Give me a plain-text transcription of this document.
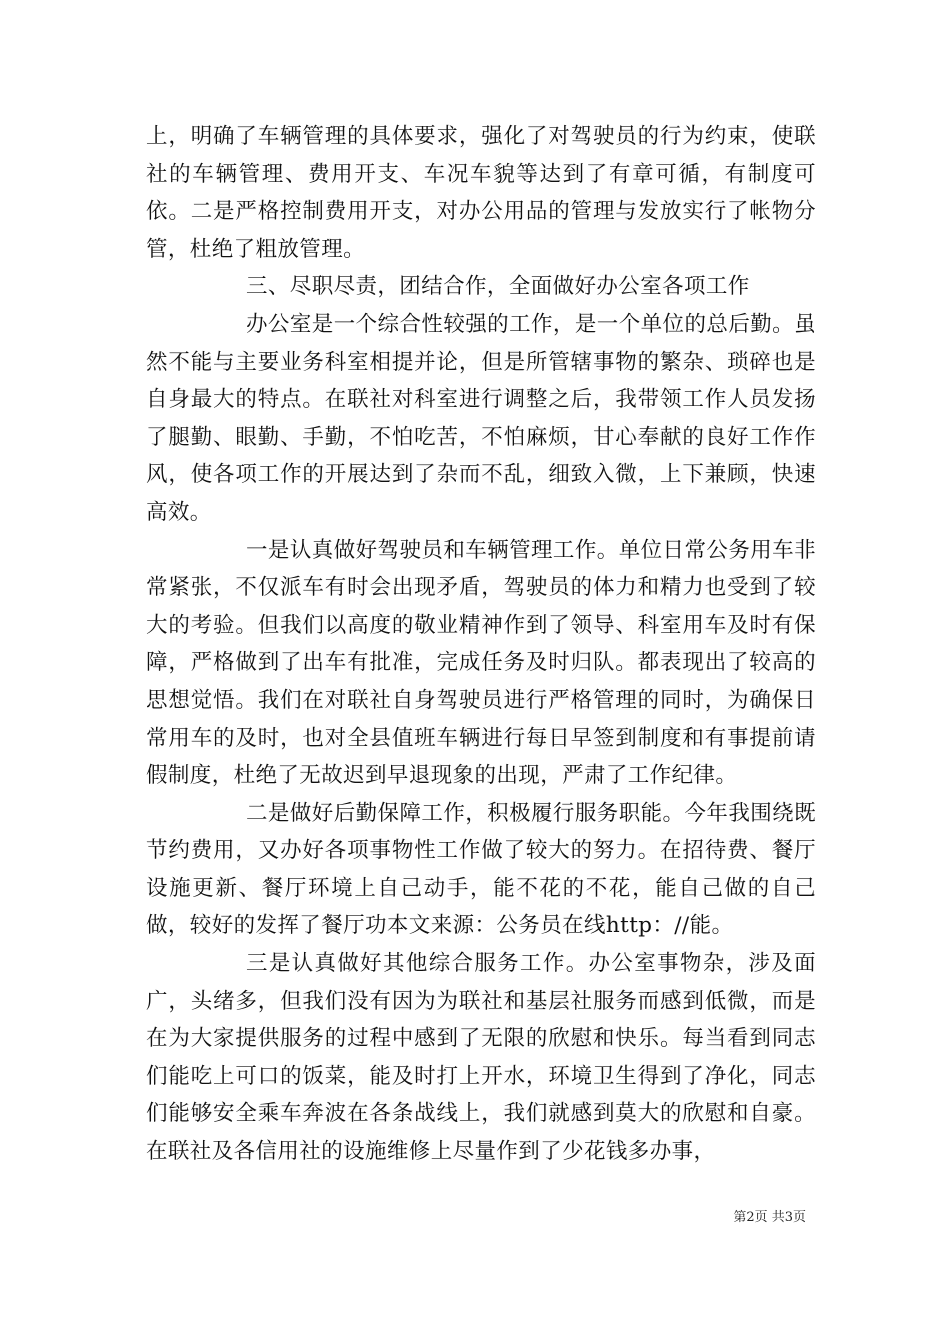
上，明确了车辆管理的具体要求，强化了对驾驶员的行为约束，使联社的车辆管理、费用开支、车况车貌等达到了有章可循，有制度可依。二是严格控制费用开支，对办公用品的管理与发放实行了帐物分管，杜绝了粗放管理。

三、尽职尽责，团结合作，全面做好办公室各项工作

办公室是一个综合性较强的工作，是一个单位的总后勤。虽然不能与主要业务科室相提并论，但是所管辖事物的繁杂、琐碎也是自身最大的特点。在联社对科室进行调整之后，我带领工作人员发扬了腿勤、眼勤、手勤，不怕吃苦，不怕麻烦，甘心奉献的良好工作作风，使各项工作的开展达到了杂而不乱，细致入微，上下兼顾，快速高效。

一是认真做好驾驶员和车辆管理工作。单位日常公务用车非常紧张，不仅派车有时会出现矛盾，驾驶员的体力和精力也受到了较大的考验。但我们以高度的敬业精神作到了领导、科室用车及时有保障，严格做到了出车有批准，完成任务及时归队。都表现出了较高的思想觉悟。我们在对联社自身驾驶员进行严格管理的同时，为确保日常用车的及时，也对全县值班车辆进行每日早签到制度和有事提前请假制度，杜绝了无故迟到早退现象的出现，严肃了工作纪律。

二是做好后勤保障工作，积极履行服务职能。今年我围绕既节约费用，又办好各项事物性工作做了较大的努力。在招待费、餐厅设施更新、餐厅环境上自己动手，能不花的不花，能自己做的自己做，较好的发挥了餐厅功本文来源：公务员在线http：//能。

三是认真做好其他综合服务工作。办公室事物杂，涉及面广，头绪多，但我们没有因为为联社和基层社服务而感到低微，而是在为大家提供服务的过程中感到了无限的欣慰和快乐。每当看到同志们能吃上可口的饭菜，能及时打上开水，环境卫生得到了净化，同志们能够安全乘车奔波在各条战线上，我们就感到莫大的欣慰和自豪。在联社及各信用社的设施维修上尽量作到了少花钱多办事，

第2页 共3页
